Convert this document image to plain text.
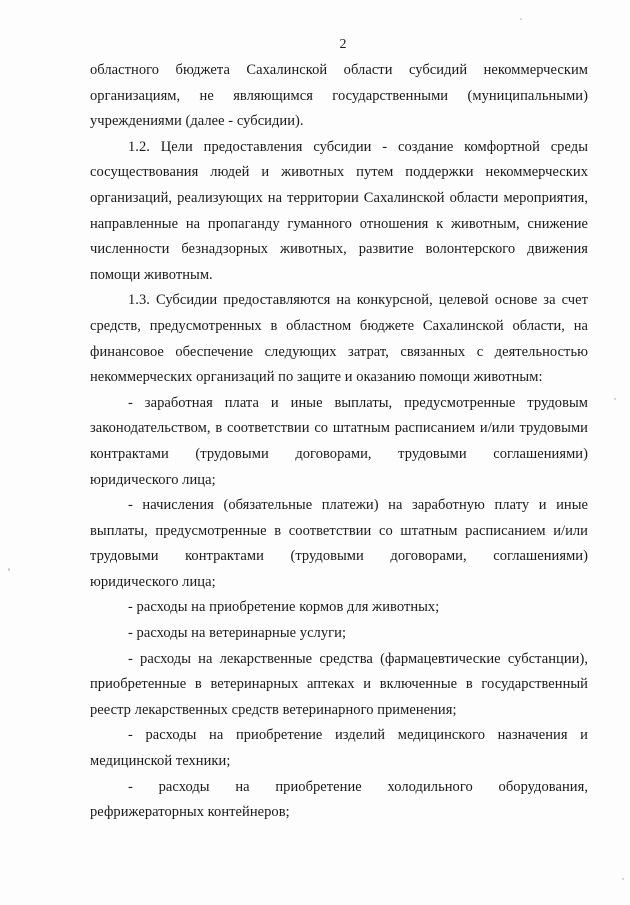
2

областного бюджета Сахалинской области субсидий некоммерческим организациям, не являющимся государственными (муниципальными) учреждениями (далее - субсидии).

1.2. Цели предоставления субсидии - создание комфортной среды сосуществования людей и животных путем поддержки некоммерческих организаций, реализующих на территории Сахалинской области мероприятия, направленные на пропаганду гуманного отношения к животным, снижение численности безнадзорных животных, развитие волонтерского движения помощи животным.

1.3. Субсидии предоставляются на конкурсной, целевой основе за счет средств, предусмотренных в областном бюджете Сахалинской области, на финансовое обеспечение следующих затрат, связанных с деятельностью некоммерческих организаций по защите и оказанию помощи животным:

- заработная плата и иные выплаты, предусмотренные трудовым законодательством, в соответствии со штатным расписанием и/или трудовыми контрактами (трудовыми договорами, трудовыми соглашениями) юридического лица;

- начисления (обязательные платежи) на заработную плату и иные выплаты, предусмотренные в соответствии со штатным расписанием и/или трудовыми контрактами (трудовыми договорами, соглашениями) юридического лица;

- расходы на приобретение кормов для животных;

- расходы на ветеринарные услуги;

- расходы на лекарственные средства (фармацевтические субстанции), приобретенные в ветеринарных аптеках и включенные в государственный реестр лекарственных средств ветеринарного применения;

- расходы на приобретение изделий медицинского назначения и медицинской техники;

- расходы на приобретение холодильного оборудования, рефрижераторных контейнеров;
